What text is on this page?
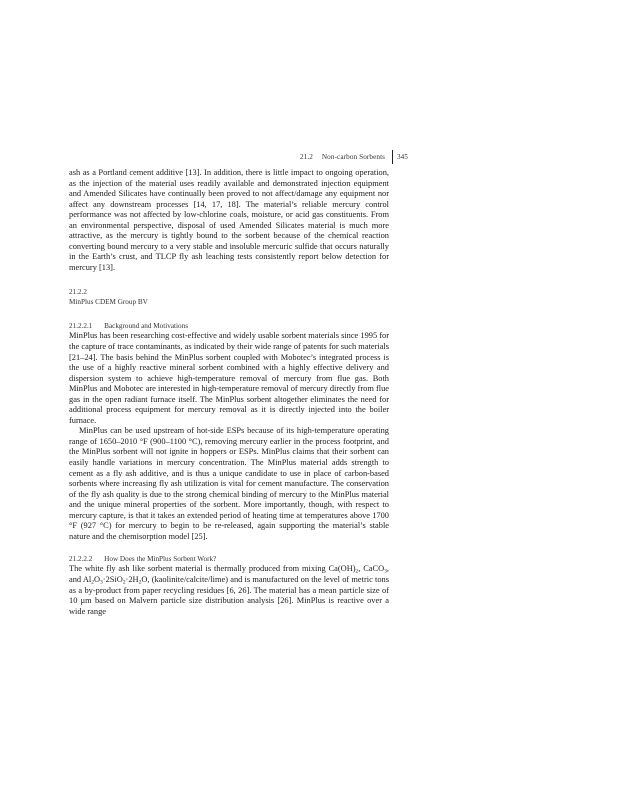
21.2 Non-carbon Sorbents 345

ash as a Portland cement additive [13]. In addition, there is little impact to ongoing operation, as the injection of the material uses readily available and demonstrated injection equipment and Amended Silicates have continually been proved to not affect/damage any equipment nor affect any downstream processes [14, 17, 18]. The material’s reliable mercury control performance was not affected by low-chlorine coals, moisture, or acid gas constituents. From an environmental perspective, disposal of used Amended Silicates material is much more attractive, as the mercury is tightly bound to the sorbent because of the chemical reaction converting bound mercury to a very stable and insoluble mercuric sulfide that occurs naturally in the Earth’s crust, and TLCP fly ash leaching tests consistently report below detection for mercury [13].

21.2.2
MinPlus CDEM Group BV
21.2.2.1 Background and Motivations

MinPlus has been researching cost-effective and widely usable sorbent materials since 1995 for the capture of trace contaminants, as indicated by their wide range of patents for such materials [21–24]. The basis behind the MinPlus sorbent coupled with Mobotec’s integrated process is the use of a highly reactive mineral sorbent combined with a highly effective delivery and dispersion system to achieve high-temperature removal of mercury from flue gas. Both MinPlus and Mobotec are interested in high-temperature removal of mercury directly from flue gas in the open radiant furnace itself. The MinPlus sorbent altogether eliminates the need for additional process equipment for mercury removal as it is directly injected into the boiler furnace.

MinPlus can be used upstream of hot-side ESPs because of its high-temperature operating range of 1650–2010 °F (900–1100 °C), removing mercury earlier in the process footprint, and the MinPlus sorbent will not ignite in hoppers or ESPs. MinPlus claims that their sorbent can easily handle variations in mercury concentration. The MinPlus material adds strength to cement as a fly ash additive, and is thus a unique candidate to use in place of carbon-based sorbents where increasing fly ash utilization is vital for cement manufacture. The conservation of the fly ash quality is due to the strong chemical binding of mercury to the MinPlus material and the unique mineral properties of the sorbent. More importantly, though, with respect to mercury capture, is that it takes an extended period of heating time at temperatures above 1700 °F (927 °C) for mercury to begin to be re-released, again supporting the material’s stable nature and the chemisorption model [25].

21.2.2.2 How Does the MinPlus Sorbent Work?

The white fly ash like sorbent material is thermally produced from mixing $Ca(OH)_2$, CaCO$_3$, and $Al_2O_3\cdot 2SiO_2\cdot 2H_2O$, (kaolinite/calcite/lime) and is manufactured on the level of metric tons as a by-product from paper recycling residues [6, 26]. The material has a mean particle size of 10 μm based on Malvern particle size distribution analysis [26]. MinPlus is reactive over a wide range
